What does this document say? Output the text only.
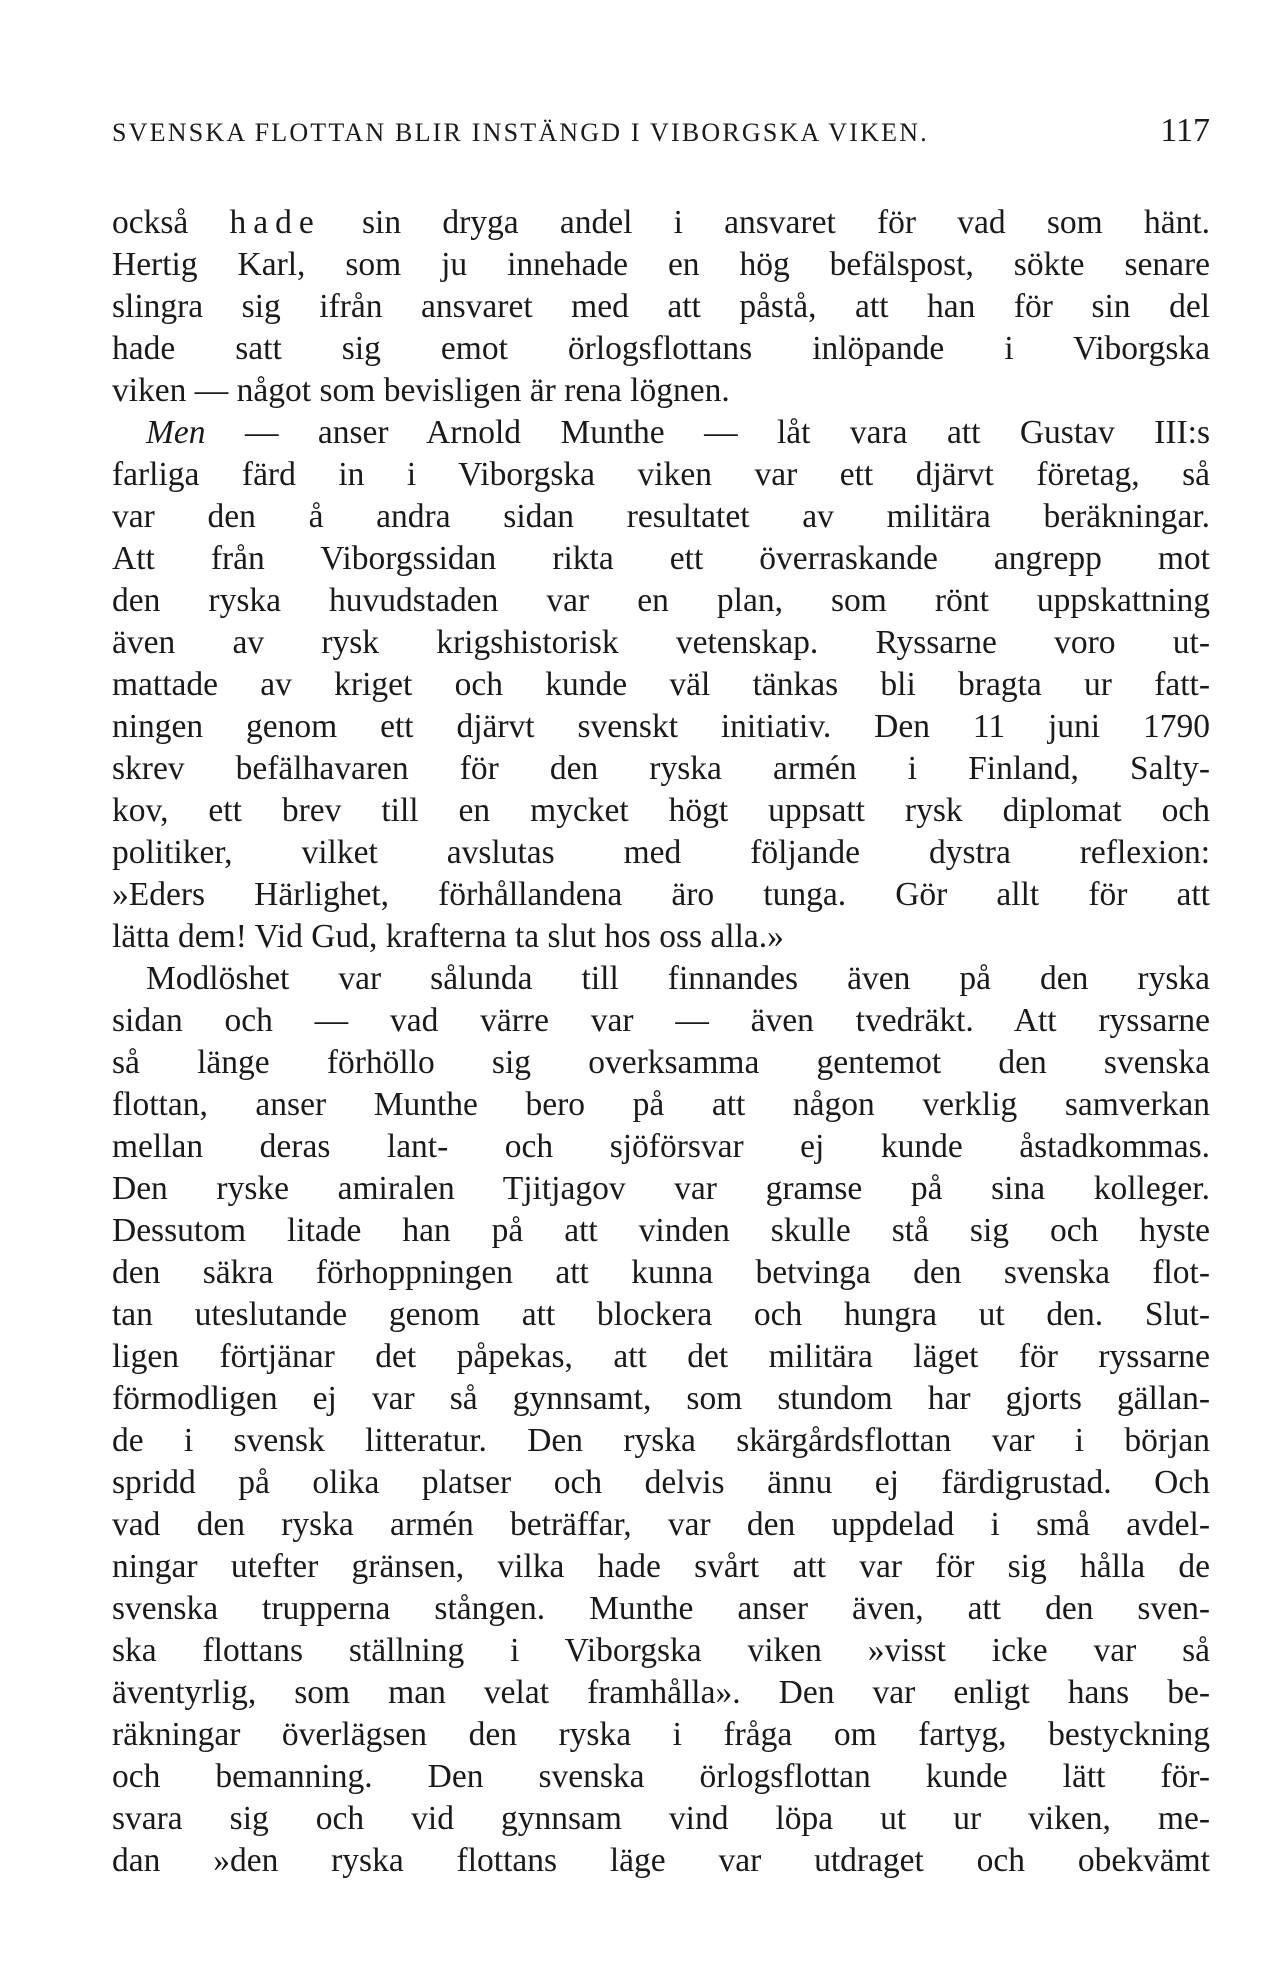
SVENSKA FLOTTAN BLIR INSTÄNGD I VIBORGSKA VIKEN.	117
också hade sin dryga andel i ansvaret för vad som hänt.
Hertig Karl, som ju innehade en hög befälspost, sökte senare
slingra sig ifrån ansvaret med att påstå, att han för sin del
hade satt sig emot örlogsflottans inlöpande i Viborgska
viken — något som bevisligen är rena lögnen.
Men — anser Arnold Munthe — låt vara att Gustav III:s
farliga färd in i Viborgska viken var ett djärvt företag, så
var den å andra sidan resultatet av militära beräkningar.
Att från Viborgssidan rikta ett överraskande angrepp mot
den ryska huvudstaden var en plan, som rönt uppskattning
även av rysk krigshistorisk vetenskap. Ryssarne voro ut-
mattade av kriget och kunde väl tänkas bli bragta ur fatt-
ningen genom ett djärvt svenskt initiativ. Den 11 juni 1790
skrev befälhavaren för den ryska armén i Finland, Salty-
kov, ett brev till en mycket högt uppsatt rysk diplomat och
politiker, vilket avslutas med följande dystra reflexion:
»Eders Härlighet, förhållandena äro tunga. Gör allt för att
lätta dem! Vid Gud, krafterna ta slut hos oss alla.»
Modlöshet var sålunda till finnandes även på den ryska
sidan och — vad värre var — även tvedräkt. Att ryssarne
så länge förhöllo sig overksamma gentemot den svenska
flottan, anser Munthe bero på att någon verklig samverkan
mellan deras lant- och sjöförsvar ej kunde åstadkommas.
Den ryske amiralen Tjitjagov var gramse på sina kolleger.
Dessutom litade han på att vinden skulle stå sig och hyste
den säkra förhoppningen att kunna betvinga den svenska flot-
tan uteslutande genom att blockera och hungra ut den. Slut-
ligen förtjänar det påpekas, att det militära läget för ryssarne
förmodligen ej var så gynnsamt, som stundom har gjorts gällan-
de i svensk litteratur. Den ryska skärgårdsflottan var i början
spridd på olika platser och delvis ännu ej färdigrustad. Och
vad den ryska armén beträffar, var den uppdelad i små avdel-
ningar utefter gränsen, vilka hade svårt att var för sig hålla de
svenska trupperna stången. Munthe anser även, att den sven-
ska flottans ställning i Viborgska viken »visst icke var så
äventyrlig, som man velat framhålla». Den var enligt hans be-
räkningar överlägsen den ryska i fråga om fartyg, bestyckning
och bemanning. Den svenska örlogsflottan kunde lätt för-
svara sig och vid gynnsam vind löpa ut ur viken, me-
dan »den ryska flottans läge var utdraget och obekvämt
